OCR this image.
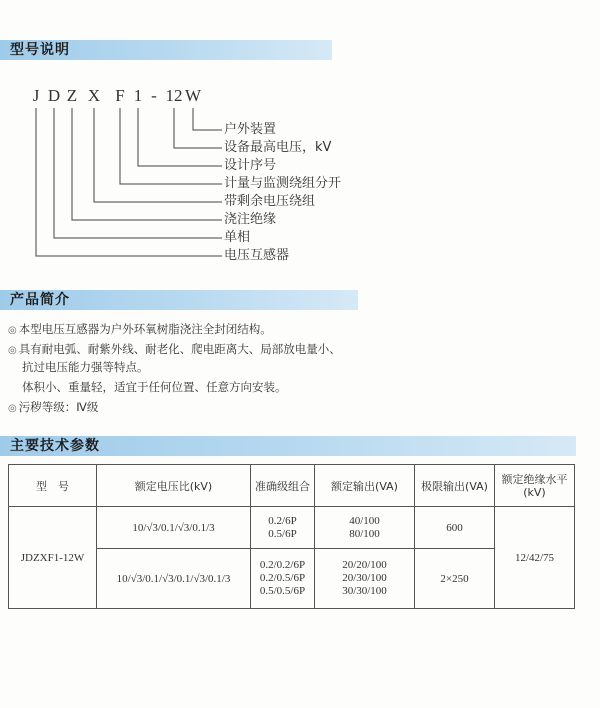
型号说明
J D Z X F 1 - 12 W
户外装置
设备最高电压，kV
设计序号
计量与监测绕组分开
带剩余电压绕组
浇注绝缘
单相
电压互感器
产品简介
◎ 本型电压互感器为户外环氧树脂浇注全封闭结构。
◎ 具有耐电弧、耐紫外线、耐老化、爬电距离大、局部放电量小、
抗过电压能力强等特点。
体积小、重量轻，适宜于任何位置、任意方向安装。
◎ 污秽等级：Ⅳ级
主要技术参数
型　号	额定电压比(kV)	准确级组合	额定输出(VA)	极限输出(VA)	额定绝缘水平
(kV)

JDZXF1-12W	10/√3/0.1/√3/0.1/3	0.2/6P
0.5/6P	40/100
80/100	600	12/42/75
	10/√3/0.1/√3/0.1/√3/0.1/3	0.2/0.2/6P
0.2/0.5/6P
0.5/0.5/6P	20/20/100
20/30/100
30/30/100	2×250	
